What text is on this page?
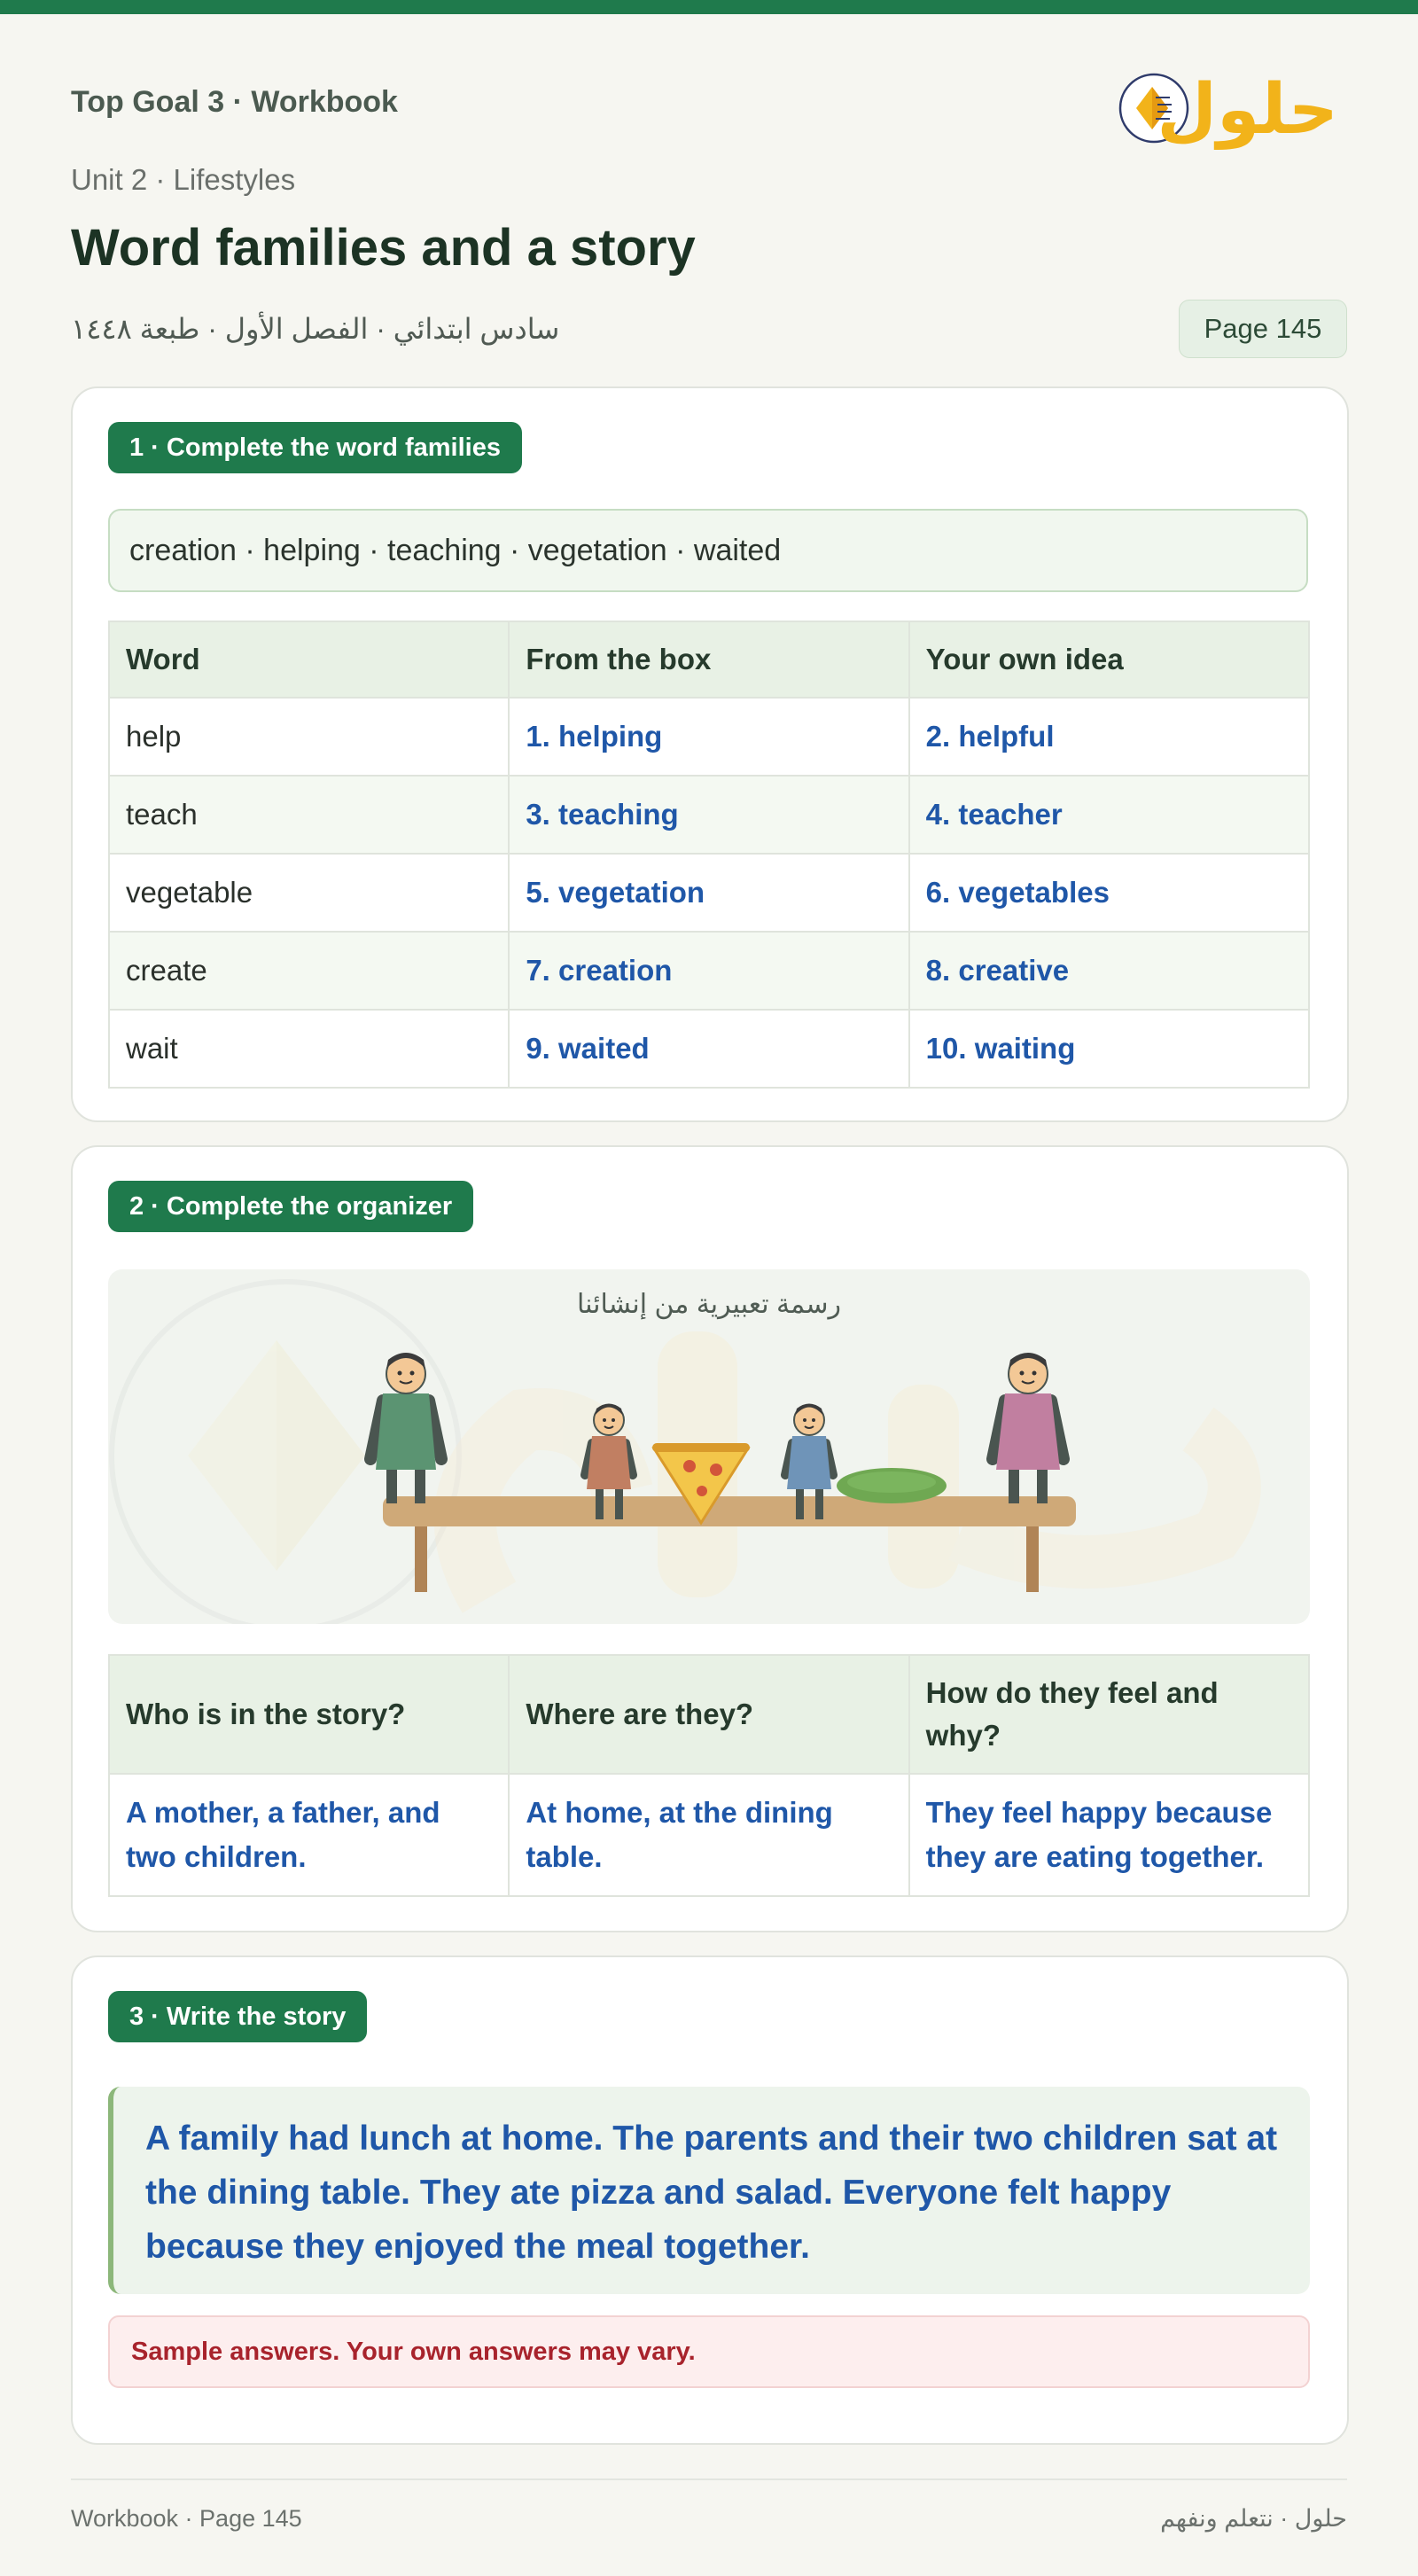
Top Goal 3 · Workbook
Unit 2 · Lifestyles
Word families and a story
سادس ابتدائي · الفصل الأول · طبعة ١٤٤٨	Page 145
حلول
1 · Complete the word families
creation · helping · teaching · vegetation · waited
Word	From the box	Your own idea
help	1. helping	2. helpful
teach	3. teaching	4. teacher
vegetable	5. vegetation	6. vegetables
create	7. creation	8. creative
wait	9. waited	10. waiting
2 · Complete the organizer
رسمة تعبيرية من إنشائنا
Who is in the story?	Where are they?	How do they feel and why?
A mother, a father, and two children.	At home, at the dining table.	They feel happy because they are eating together.
3 · Write the story
A family had lunch at home. The parents and their two children sat at the dining table. They ate pizza and salad. Everyone felt happy because they enjoyed the meal together.
Sample answers. Your own answers may vary.
Workbook · Page 145	حلول · نتعلم ونفهم
